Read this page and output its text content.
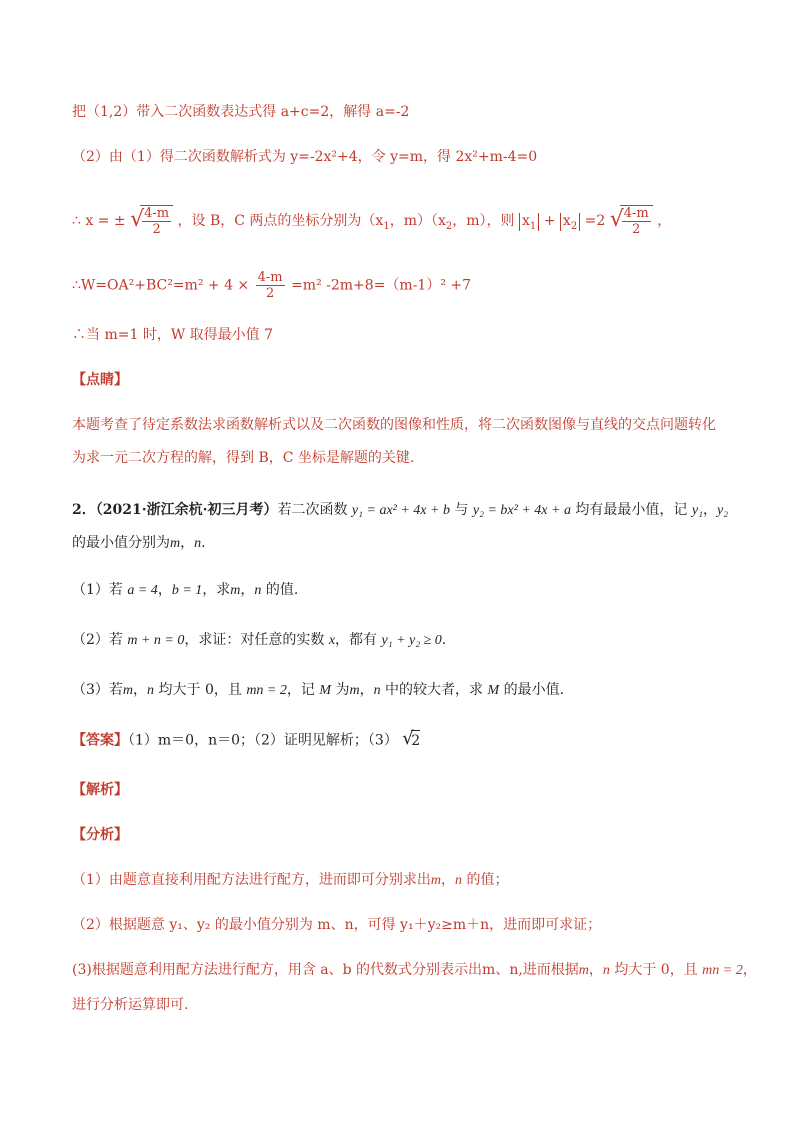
把（1,2）带入二次函数表达式得 a+c=2，解得 a=-2
（2）由（1）得二次函数解析式为 y=-2x²+4，令 y=m，得 2x²+m-4=0
∴ x = ± √
$\frac{4-m}{2}$ ，设 B，C 两点的坐标分别为（$x_1$，$m)(x_2$，m），则 $x_1 + x_2 =2$ √
$\frac{4-m}{2}$ ，
∴W=OA²+BC²=m² + $4 \times \frac{4-m}{2} =m^2$ -2m+8=（m-1）² +7
∴当 m=1 时，W 取得最小值 7
【点睛】
本题考查了待定系数法求函数解析式以及二次函数的图像和性质，将二次函数图像与直线的交点问题转化
为求一元二次方程的解，得到 B，C 坐标是解题的关键.
2．（2021·浙江余杭·初三月考）若二次函数 y₁ = ax² + 4x + b 与 y₂ = bx² + 4x + a 均有最最小值，记 y₁，y₂
的最小值分别为m，n.
（1）若 a = 4，b = 1，求m，n 的值.
（2）若 m + n = 0，求证：对任意的实数 x，都有 y₁ + y₂ ≥ 0.
（3）若m，n 均大于 0，且 mn = 2，记 M 为m，n 中的较大者，求 M 的最小值.
【答案】（1）m＝0，n＝0；（2）证明见解析；（3） √
2
【解析】
【分析】
（1）由题意直接利用配方法进行配方，进而即可分别求出m，n 的值；
（2）根据题意 y₁、y₂ 的最小值分别为 m、n，可得 y₁＋y₂≥m＋n，进而即可求证；
(3)根据题意利用配方法进行配方，用含 a、b 的代数式分别表示出m、n,进而根据m，n 均大于 0，且 mn = 2，
进行分析运算即可.
